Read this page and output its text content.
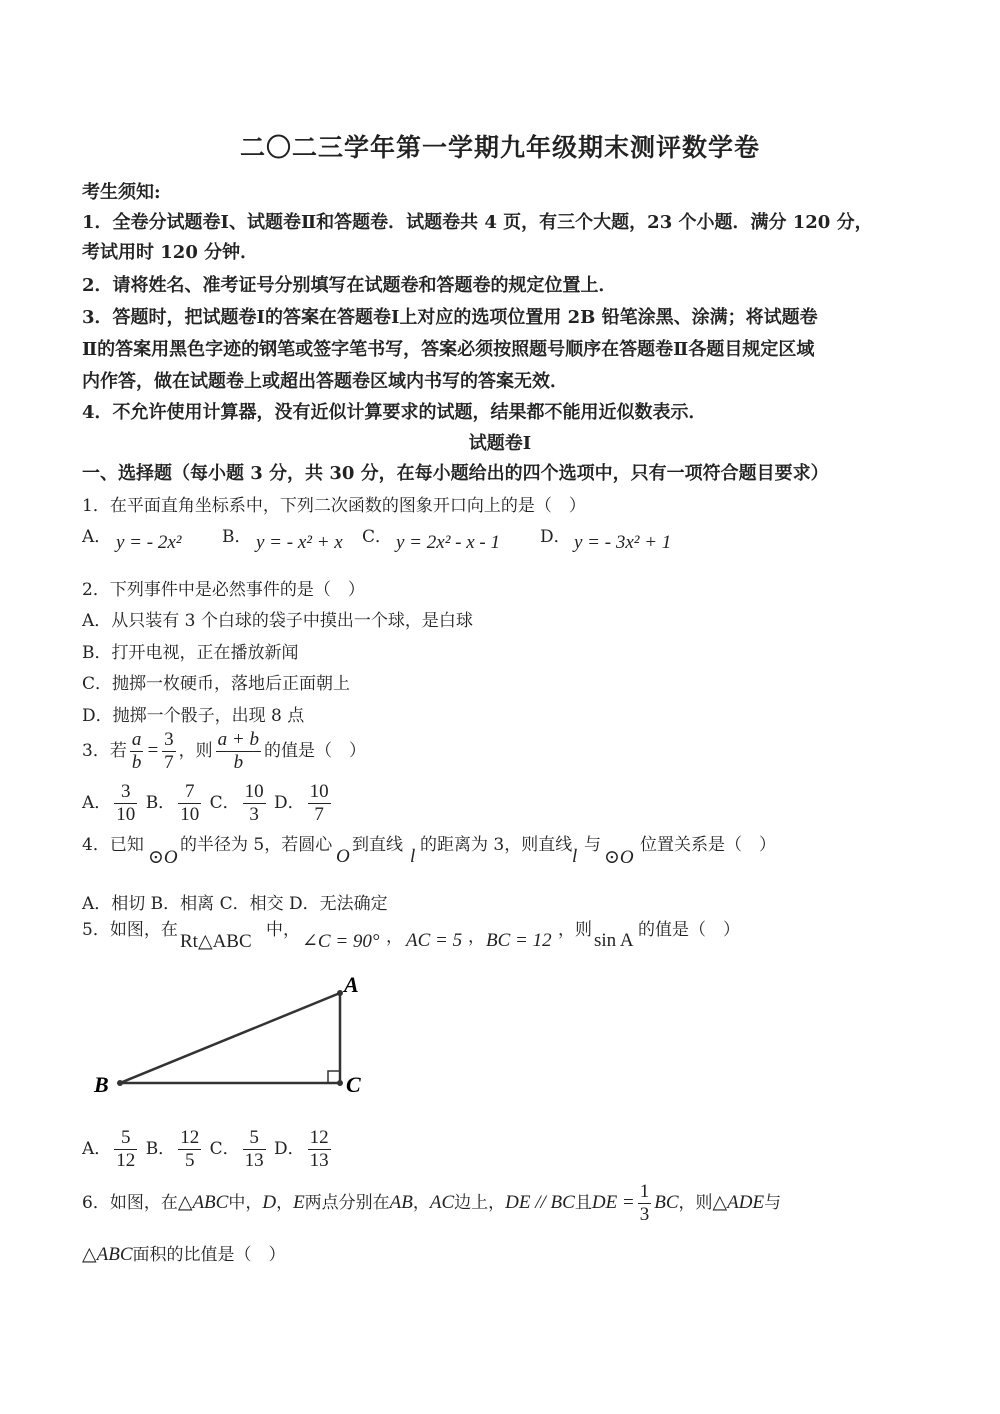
二〇二三学年第一学期九年级期末测评数学卷
考生须知:
1．全卷分试题卷Ⅰ、试题卷Ⅱ和答题卷．试题卷共 4 页，有三个大题，23 个小题．满分 120 分，
考试用时 120 分钟．
2．请将姓名、准考证号分别填写在试题卷和答题卷的规定位置上．
3．答题时，把试题卷Ⅰ的答案在答题卷Ⅰ上对应的选项位置用 2B 铅笔涂黑、涂满；将试题卷
Ⅱ的答案用黑色字迹的钢笔或签字笔书写，答案必须按照题号顺序在答题卷Ⅱ各题目规定区域
内作答，做在试题卷上或超出答题卷区域内书写的答案无效．
4．不允许使用计算器，没有近似计算要求的试题，结果都不能用近似数表示．
试题卷Ⅰ
一、选择题（每小题 3 分，共 30 分，在每小题给出的四个选项中，只有一项符合题目要求）
1．在平面直角坐标系中，下列二次函数的图象开口向上的是（　）
A． y = - 2x² B． y = - x² + x C． y = 2x² - x - 1 D． y = - 3x² + 1
2．下列事件中是必然事件的是（　）
A．从只装有 3 个白球的袋子中摸出一个球，是白球
B．打开电视，正在播放新闻
C．抛掷一枚硬币，落地后正面朝上
D．抛掷一个骰子，出现 8 点
3．若 $\frac{a}{b} = \frac{3}{7}$ ，则 $\frac{a + b}{b}$ 的值是（　）
A． $\frac{3}{10}$ B． $\frac{7}{10}$ C． $\frac{10}{3}$ D． $\frac{10}{7}$
4．已知
⊙O
的半径为 5，若圆心
O
到直线
l
的距离为 3，则直线
l
与
⊙O
位置关系是（　）
A．相切 B．相离 C．相交 D．无法确定
5．如图，在
Rt△ABC
中，
∠C = 90° ， AC = 5 ， BC = 12 ，则 sin A 的值是（　）
A
B	C
A． $\frac{5}{12}$ B． $\frac{12}{5}$ C． $\frac{5}{13}$ D． $\frac{12}{13}$
6．如图，在△ABC中，D，E两点分别在AB，AC边上，DE // BC且DE = $\frac{1}{3}$ BC，则△ADE与
△ABC面积的比值是（　）
